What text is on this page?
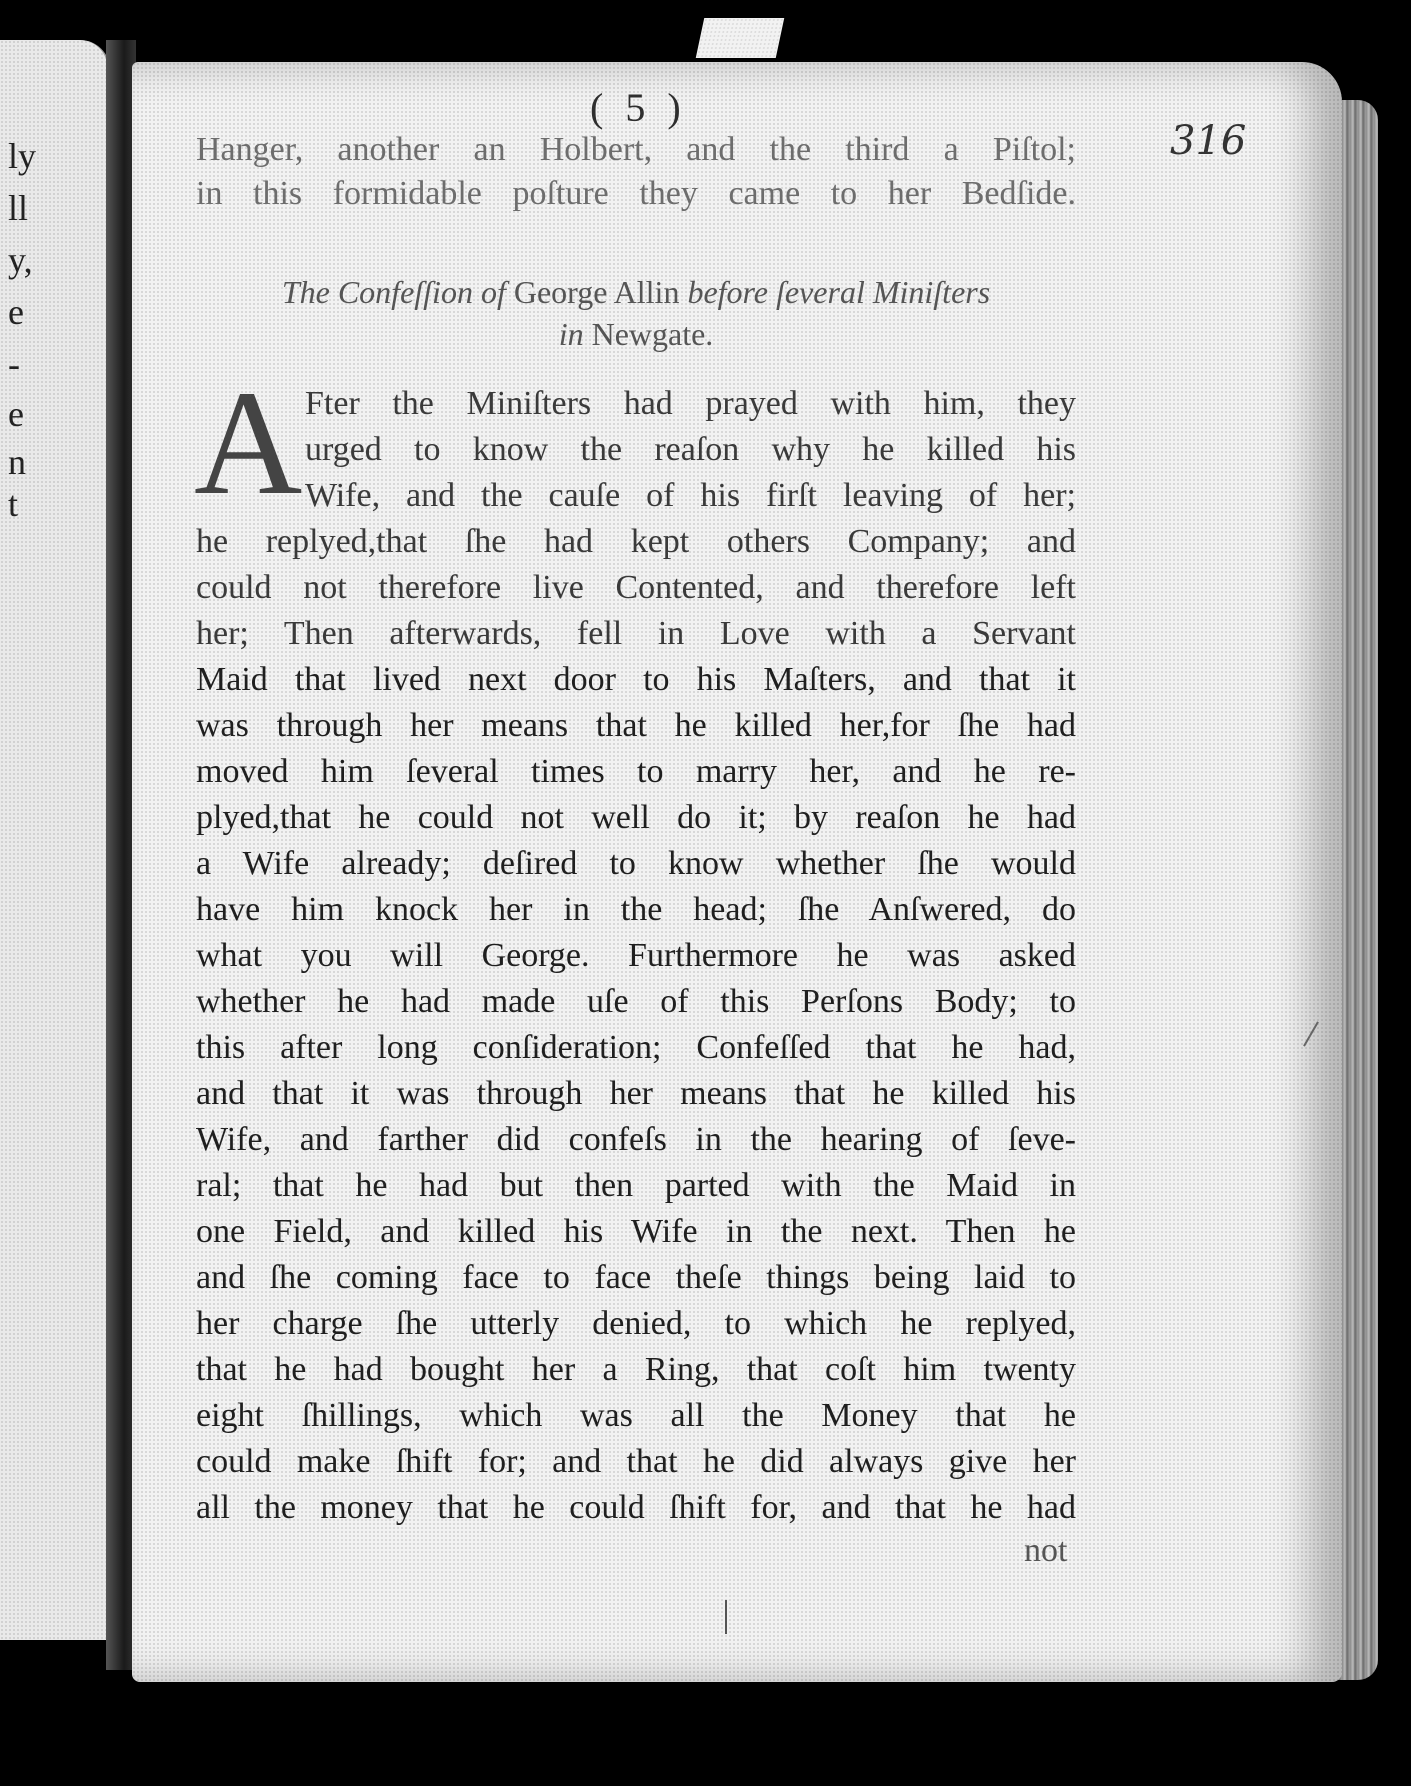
ly
ll
y,
e
-
e
n
t
( 5 )
316
Hanger, another an Holbert, and the third a Piſtol;
in this formidable poſture they came to her Bedſide.
The Confeſſion of George Allin before ſeveral Miniſters
in Newgate.
A Fter the Miniſters had prayed with him, they
urged to know the reaſon why he killed his
Wife, and the cauſe of his firſt leaving of her;
he replyed,that ſhe had kept others Company; and
could not therefore live Contented, and therefore left
her; Then afterwards, fell in Love with a Servant
Maid that lived next door to his Maſters, and that it
was through her means that he killed her,for ſhe had
moved him ſeveral times to marry her, and he re-
plyed,that he could not well do it; by reaſon he had
a Wife already; deſired to know whether ſhe would
have him knock her in the head; ſhe Anſwered, do
what you will George. Furthermore he was asked
whether he had made uſe of this Perſons Body; to
this after long conſideration; Confeſſed that he had,
and that it was through her means that he killed his
Wife, and farther did confeſs in the hearing of ſeve-
ral; that he had but then parted with the Maid in
one Field, and killed his Wife in the next. Then he
and ſhe coming face to face theſe things being laid to
her charge ſhe utterly denied, to which he replyed,
that he had bought her a Ring, that coſt him twenty
eight ſhillings, which was all the Money that he
could make ſhift for; and that he did always give her
all the money that he could ſhift for, and that he had
not
